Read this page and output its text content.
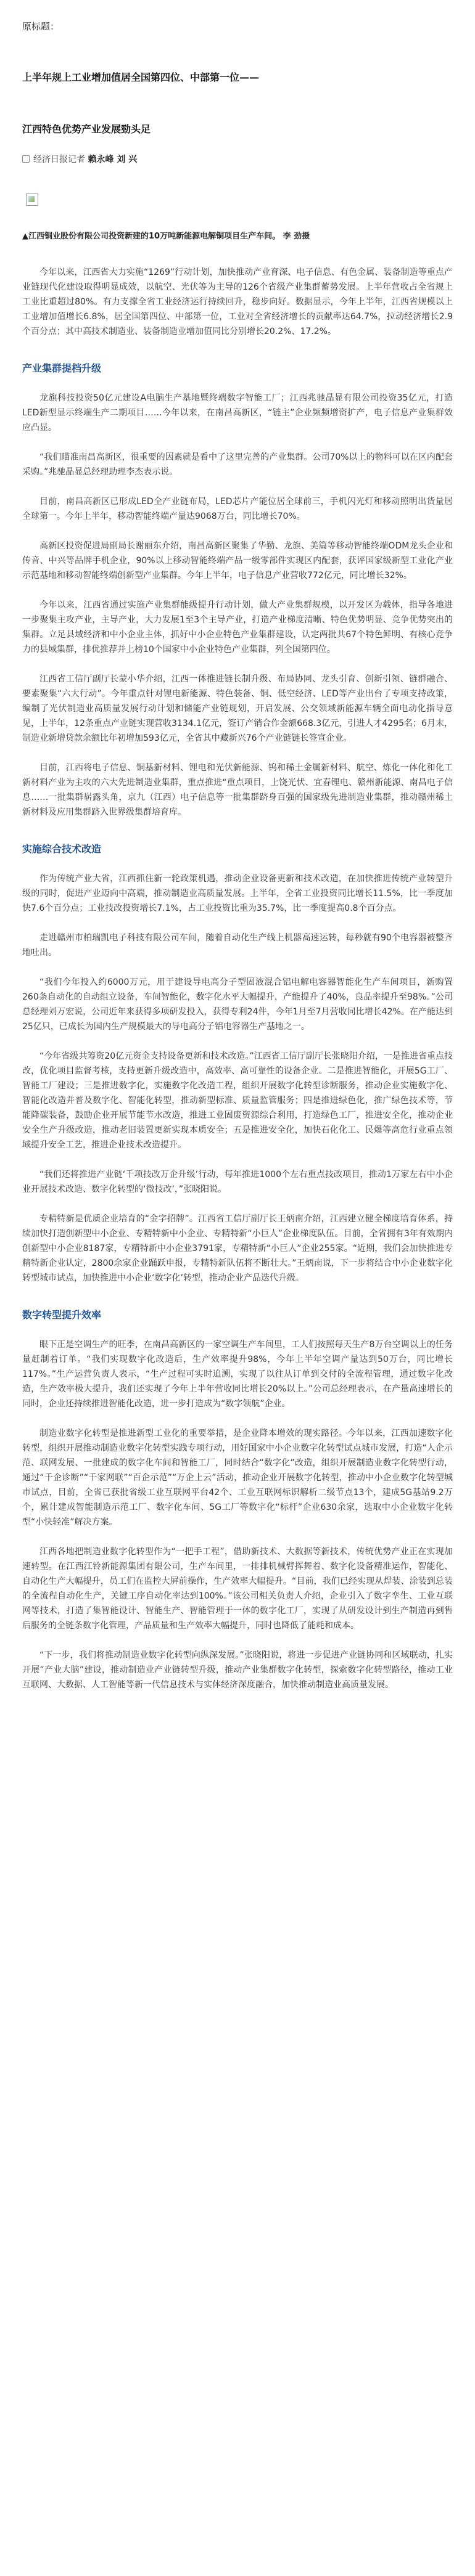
原标题：

上半年规上工业增加值居全国第四位、中部第一位——

江西特色优势产业发展勁头足

经济日报记者 赖永峰 刘 兴

▲江西铜业股份有限公司投资新建的10万吨新能源电解铜项目生产车间。 李 劲摄

今年以来，江西省大力实施“1269”行动计划，加快推动产业育深、电子信息、有色金属、装备制造等重点产业链现代化建设取得明显成效，以航空、光伏等为主导的126个省级产业集群蓄势发展。上半年营收占全省规上工业比重超过80%。有力支撑全省工业经济运行持续回升，稳步向好。数据显示，今年上半年，江西省规模以上工业增加值增长6.8%，居全国第四位、中部第一位，工业对全省经济增长的贡献率达64.7%，拉动经济增长2.9个百分点；其中高技术制造业、装备制造业增加值同比分别增长20.2%、17.2%。

产业集群提档升级

龙旗科技投资50亿元建设A电脑生产基地暨终端数字智能工厂；江西兆驰晶显有限公司投资35亿元，打造LED新型显示终端生产二期项目……今年以来，在南昌高新区，“链主”企业频频增资扩产，电子信息产业集群效应凸显。

“我们瞄准南昌高新区，很重要的因素就是看中了这里完善的产业集群。公司70%以上的物料可以在区内配套采购。”兆驰晶显总经理助理李杰表示说。

目前，南昌高新区已形成LED全产业链布局，LED芯片产能位居全球前三，手机闪光灯和移动照明出货量居全球第一。今年上半年，移动智能终端产量达9068万台，同比增长70%。

高新区投资促进局副局长谢丽东介绍，南昌高新区聚集了华勤、龙旗、美篇等移动智能终端ODM龙头企业和传音、中兴等品牌手机企业，90%以上移动智能终端产品一级零部件实现区内配套，获评国家级新型工业化产业示范基地和移动智能终端创新型产业集群。今年上半年，电子信息产业营收772亿元，同比增长32%。

今年以来，江西省通过实施产业集群能级提升行动计划，做大产业集群规模，以开发区为载体，指导各地进一步聚集主攻产业，主导产业，大力发展1至3个主导产业，打造产业梯度清晰、特色优势明显、竞争优势突出的集群。立足县域经济和中小企业主体，抓好中小企业特色产业集群建设，认定两批共67个特色鲜明、有核心竞争力的县域集群，排优推荐并上榜10个国家中小企业特色产业集群，列全国第四位。

江西省工信厅副厅长蒙小华介绍，江西一体推进链长制升级、布局协同、龙头引育、创新引领、链群融合、要素聚集“六大行动”。今年重点针对锂电新能源、特色装备、铜、低空经济、LED等产业出台了专项支持政策，编制了光伏制造业高质量发展行动计划和储能产业链规划，开启发展、公交领域新能源车辆全面电动化指导意见，上半年，12条重点产业链实现营收3134.1亿元，签订产销合作金额668.3亿元，引进人才4295名；6月末，制造业新增贷款余额比年初增加593亿元，全省其中藏新兴76个产业链链长签宣企业。

目前，江西将电子信息、铜基新材料、锂电和光伏新能源、钨和稀土金属新材料、航空、炼化一体化和化工新材料产业为主攻的六大先进制造业集群，重点推进“重点项目，上饶光伏、宜春锂电、赣州新能源、南昌电子信息……一批集群崭露头角，京九（江西）电子信息等一批集群跻身百强的国家级先进制造业集群，推动赣州稀土新材料及应用集群跻入世界级集群培育库。

实施综合技术改造

作为传统产业大省，江西抓住新一轮政策机遇，推动企业设备更新和技术改造，在加快推进传统产业转型升级的同时，促进产业迈向中高端，推动制造业高质量发展。上半年，全省工业投资同比增长11.5%，比一季度加快7.6个百分点；工业技改投资增长7.1%，占工业投资比重为35.7%，比一季度提高0.8个百分点。

走进赣州市柏瑞凯电子科技有限公司车间，随着自动化生产线上机器高速运转，每秒就有90个电容器被整齐地吐出。

“我们今年投入约6000万元，用于建设导电高分子型固液混合铝电解电容器智能化生产车间项目，新购置260条自动化的自动组立设备，车间智能化，数字化水平大幅提升，产能提升了40%，良品率提升至98%。”公司总经理刘万宏说，公司近年来获得多项研发投入，获得专利24件，今年1月至7月营收同比增长42%。在产能达到25亿只，已成长为国内生产规模最大的导电高分子铝电容器生产基地之一。

“今年省级共筹资20亿元资金支持设备更新和技术改造。”江西省工信厅副厅长张晓阳介绍，一是推进省重点技改，优化项目监督考核，支持更新升级改造中，高效率、高可靠性的设备企业。二是推进智能化，开展5G工厂、智能工厂建设；三是推进数字化，实施数字化改造工程，组织开展数字化转型诊断服务，推动企业实施数字化、智能化改造并普及数字化、智能化转型，推动新型标准、质量监管服务；四是推进绿色化，推广绿色技术等，节能降碳装备，鼓励企业开展节能节水改造，推进工业固废资源综合利用，打造绿色工厂，推进安全化，推动企业安全生产升级改造，推动老旧装置更新实现本质安全；五是推进安全化，加快石化化工、民爆等高危行业重点领域提升安全工艺，推进企业技术改造提升。

“我们还将推进产业链‘千项技改万企升级’行动，每年推进1000个左右重点技改项目，推动1万家左右中小企业开展技术改造、数字化转型的‘微技改’，”张晓阳说。

专精特新是优质企业培育的“金字招牌”。江西省工信厅副厅长王炳南介绍，江西建立健全梯度培育体系，持续加快打造创新型中小企业、专精特新中小企业、专精特新“小巨人”企业梯度队伍。目前，全省拥有3年有效期内创新型中小企业8187家，专精特新中小企业3791家，专精特新“小巨人”企业255家。“近期，我们会加快推进专精特新企业认定，2800余家企业踊跃申报，专精特新队伍将不断壮大。”王炳南说，下一步将结合中小企业数字化转型城市试点，加快推进中小企业‘数字化’转型，推动企业产品迭代升级。

数字转型提升效率

眼下正是空调生产的旺季，在南昌高新区的一家空调生产车间里，工人们按照每天生产8万台空调以上的任务量赶制着订单。“我们实现数字化改造后，生产效率提升98%，今年上半年空调产量达到50万台，同比增长117%。”生产运营负责人表示，“生产过程可实时追溯，实现了以往从订单到交付的全流程管理，通过数字化改造，生产效率极大提升，我们还实现了今年上半年营收同比增长20%以上。”公司总经理表示，在产量高速增长的同时，企业还持续推进智能化改造，进一步打造成为“数字领航”企业。

制造业数字化转型是推进新型工业化的重要举措，是企业降本增效的现实路径。今年以来，江西加速数字化转型，组织开展推动制造业数字化转型实践专项行动，用好国家中小企业数字化转型试点城市发展，打造“人企示范、联网发展、一批建成的数字化车间和智能工厂，同时结合“数字化”改造，组织开展制造业数字化转型行动，通过“千企诊断”“千家网联”“百企示范”“万企上云”活动，推动企业开展数字化转型，推动中小企业数字化转型城市试点，目前，全省已获批省级工业互联网平台42个、工业互联网标识解析二级节点13个，建成5G基站9.2万个，累计建成智能制造示范工厂、数字化车间、5G工厂等数字化“标杆”企业630余家，选取中小企业数字化转型“小快轻准”解决方案。

江西各地把制造业数字化转型作为“一把手工程”，借助新技术、大数据等新技术，传统优势产业正在实现加速转型。在江西江铃新能源集团有限公司，生产车间里，一排排机械臂挥舞着、数字化设备精准运作，智能化、自动化生产大幅提升，员工们在监控大屏前操作，生产效率大幅提升。“目前，我们已经实现从焊装、涂装到总装的全流程自动化生产，关键工序自动化率达到100%。”该公司相关负责人介绍，企业引入了数字孪生、工业互联网等技术，打造了集智能设计、智能生产、智能管理于一体的数字化工厂，实现了从研发设计到生产制造再到售后服务的全链条数字化管理，产品质量和生产效率大幅提升，同时也降低了能耗和成本。

“下一步，我们将推动制造业数字化转型向纵深发展。”张晓阳说，将进一步促进产业链协同和区域联动，扎实开展“产业大脑”建设，推动制造业产业链转型升级，推动产业集群数字化转型，探索数字化转型路径，推动工业互联网、大数据、人工智能等新一代信息技术与实体经济深度融合，加快推动制造业高质量发展。
